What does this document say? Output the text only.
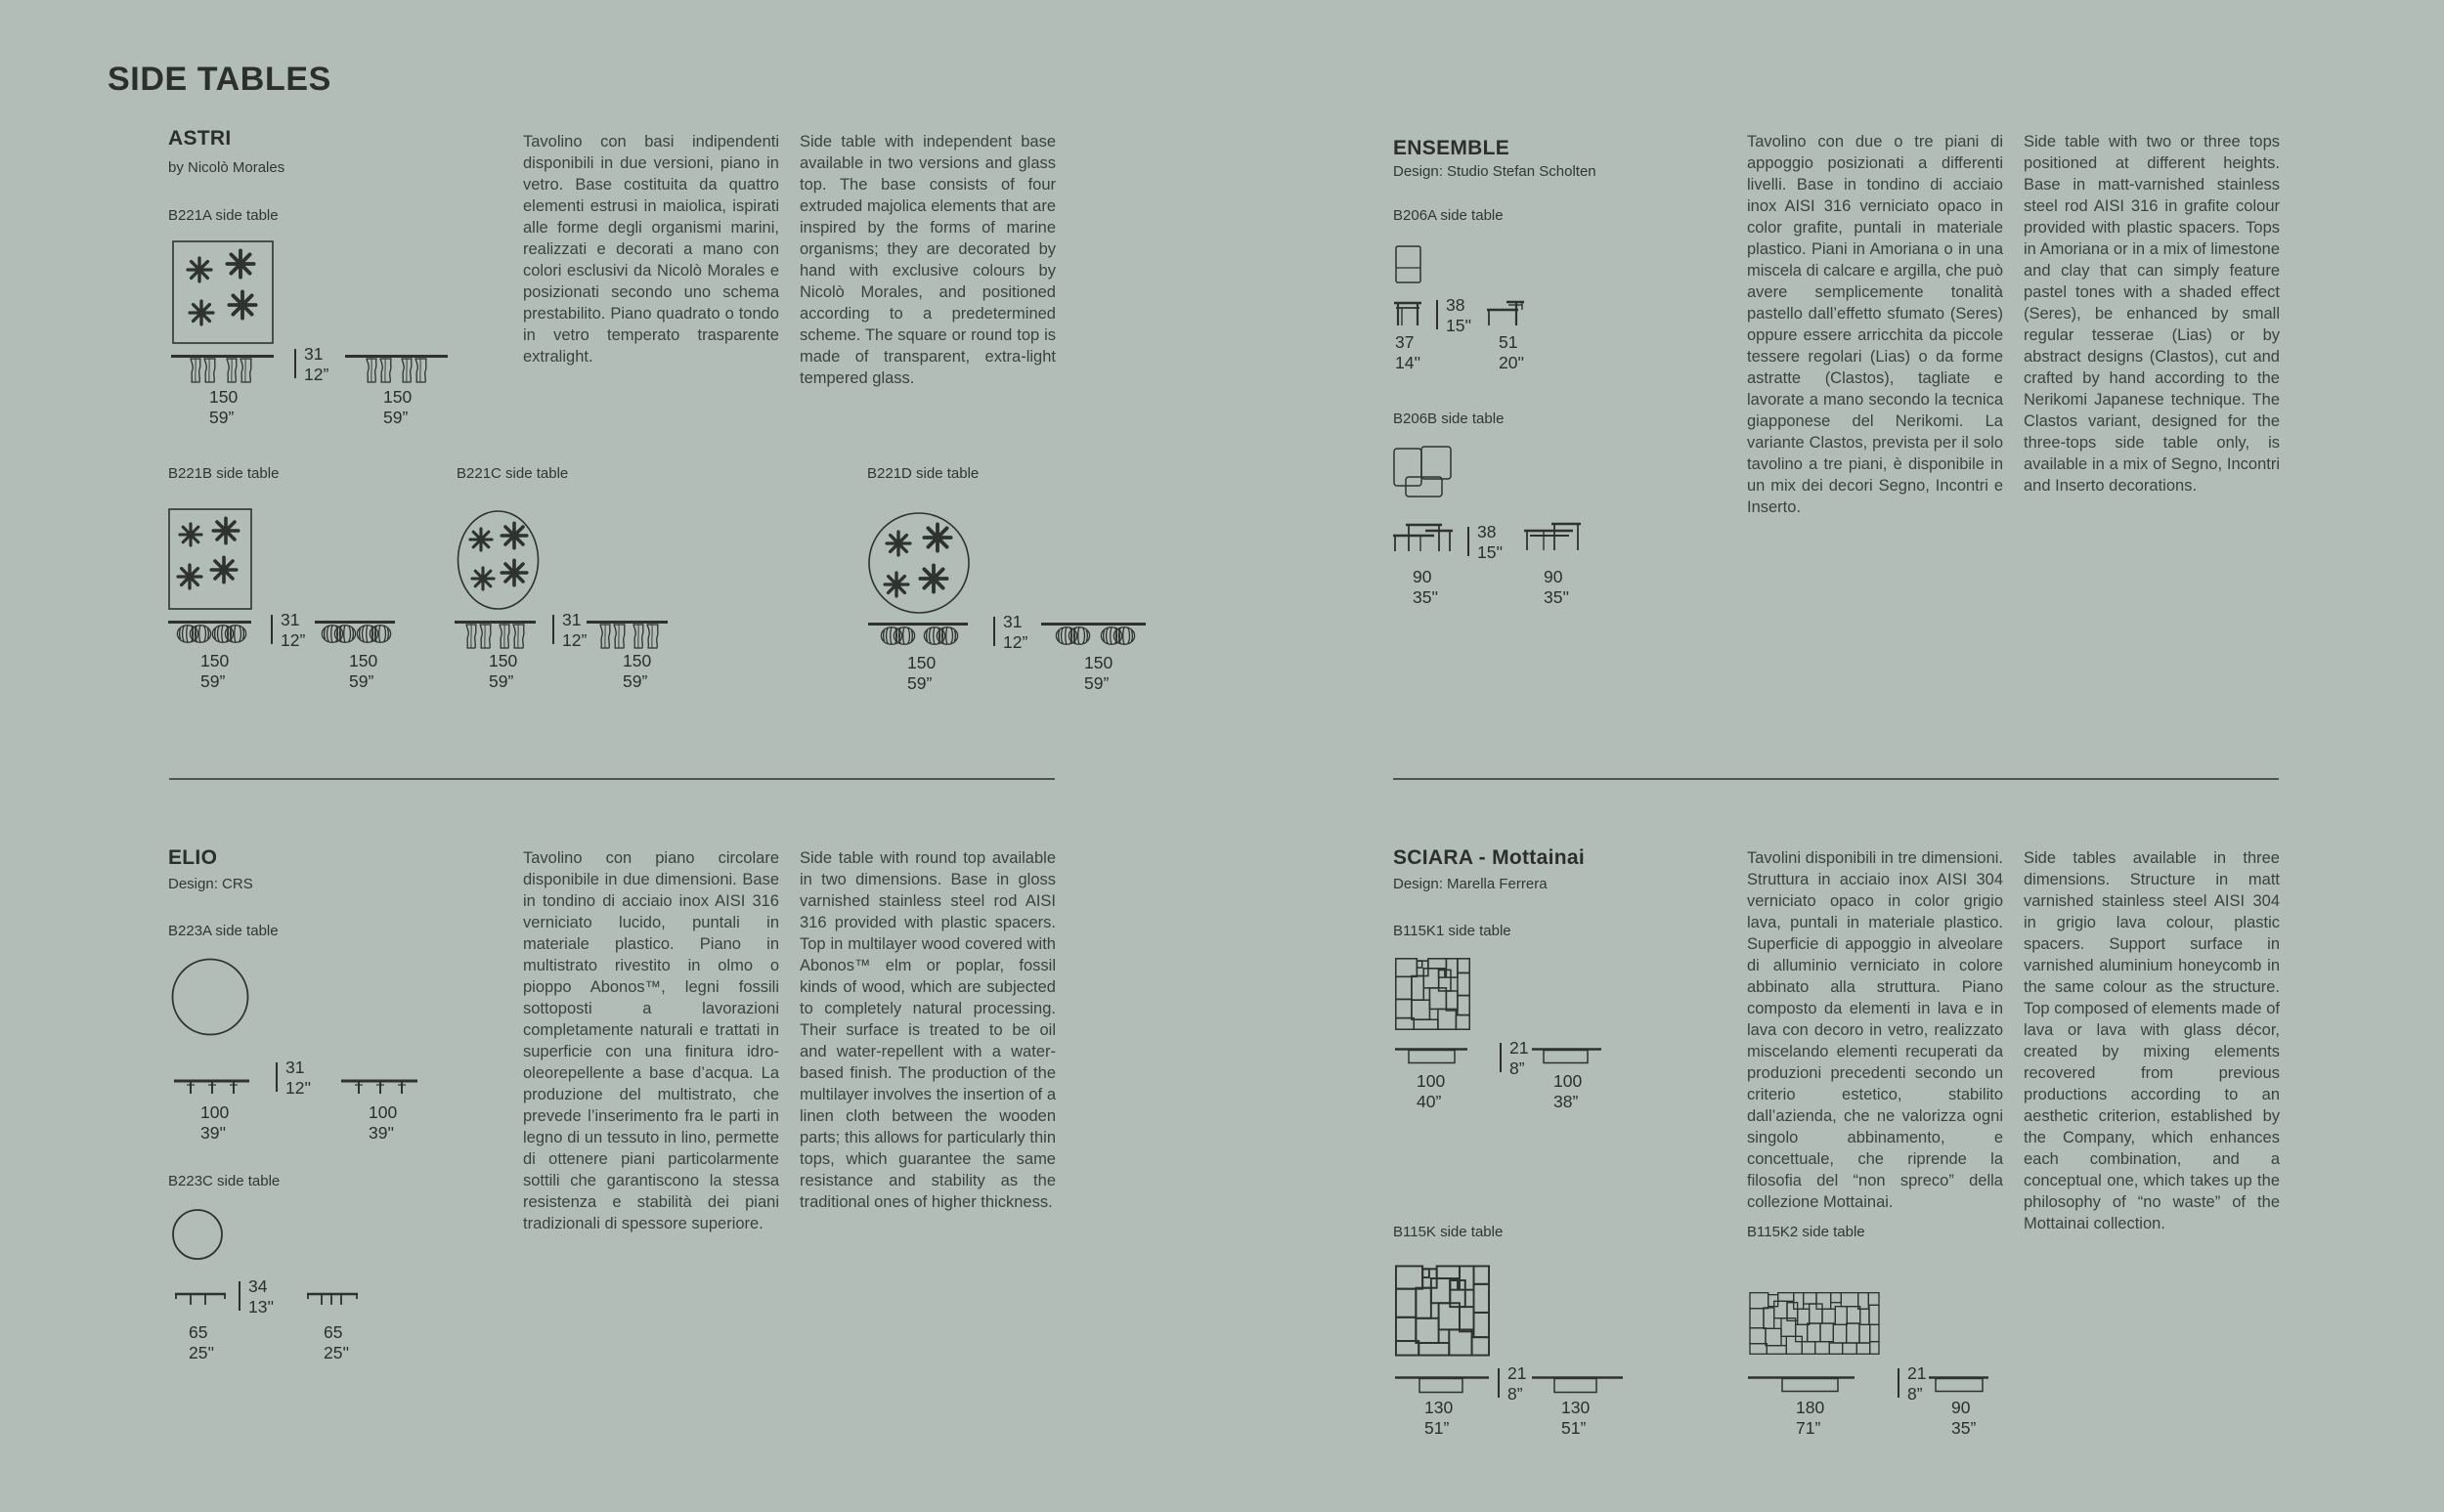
SIDE TABLES
ASTRI
by Nicolò Morales
Tavolino con basi indipendenti disponibili in due versioni, piano in vetro. Base costituita da quattro elementi estrusi in maiolica, ispirati alle forme degli organismi marini, realizzati e decorati a mano con colori esclusivi da Nicolò Morales e posizionati secondo uno schema prestabilito. Piano quadrato o tondo in vetro temperato trasparente extralight.
Side table with independent base available in two versions and glass top. The base consists of four extruded majolica elements that are inspired by the forms of marine organisms; they are decorated by hand with exclusive colours by Nicolò Morales, and positioned according to a predetermined scheme. The square or round top is made of transparent, extra-light tempered glass.
B221A side table
31
12”
150
59”
150
59”
B221B side table
31
12”
150
59”
150
59”
B221C side table
31
12”
150
59”
150
59”
B221D side table
31
12”
150
59”
150
59”
ELIO
Design: CRS
Tavolino con piano circolare disponibile in due dimensioni. Base in tondino di acciaio inox AISI 316 verniciato lucido, puntali in materiale plastico. Piano in multistrato rivestito in olmo o pioppo Abonos™, legni fossili sottoposti a lavorazioni completamente naturali e trattati in superficie con una finitura idro-oleorepellente a base d’acqua. La produzione del multistrato, che prevede l’inserimento fra le parti in legno di un tessuto in lino, permette di ottenere piani particolarmente sottili che garantiscono la stessa resistenza e stabilità dei piani tradizionali di spessore superiore.
Side table with round top available in two dimensions. Base in gloss varnished stainless steel rod AISI 316 provided with plastic spacers. Top in multilayer wood covered with Abonos™ elm or poplar, fossil kinds of wood, which are subjected to completely natural processing. Their surface is treated to be oil and water-repellent with a water-based finish. The production of the multilayer involves the insertion of a linen cloth between the wooden parts; this allows for particularly thin tops, which guarantee the same resistance and stability as the traditional ones of higher thickness.
B223A side table
31
12''
100
39''
100
39''
B223C side table
34
13''
65
25''
65
25''
ENSEMBLE
Design: Studio Stefan Scholten
Tavolino con due o tre piani di appoggio posizionati a differenti livelli. Base in tondino di acciaio inox AISI 316 verniciato opaco in color grafite, puntali in materiale plastico. Piani in Amoriana o in una miscela di calcare e argilla, che può avere semplicemente tonalità pastello dall’effetto sfumato (Seres) oppure essere arricchita da piccole tessere regolari (Lias) o da forme astratte (Clastos), tagliate e lavorate a mano secondo la tecnica giapponese del Nerikomi. La variante Clastos, prevista per il solo tavolino a tre piani, è disponibile in un mix dei decori Segno, Incontri e Inserto.
Side table with two or three tops positioned at different heights. Base in matt-varnished stainless steel rod AISI 316 in grafite colour provided with plastic spacers. Tops in Amoriana or in a mix of limestone and clay that can simply feature pastel tones with a shaded effect (Seres), be enhanced by small regular tesserae (Lias) or by abstract designs (Clastos), cut and crafted by hand according to the Nerikomi Japanese technique. The Clastos variant, designed for the three-tops side table only, is available in a mix of Segno, Incontri and Inserto decorations.
B206A side table
38
15''
37
14''
51
20''
B206B side table
38
15''
90
35''
90
35''
SCIARA - Mottainai
Design: Marella Ferrera
Tavolini disponibili in tre dimensioni. Struttura in acciaio inox AISI 304 verniciato opaco in color grigio lava, puntali in materiale plastico. Superficie di appoggio in alveolare di alluminio verniciato in colore abbinato alla struttura. Piano composto da elementi in lava e in lava con decoro in vetro, realizzato miscelando elementi recuperati da produzioni precedenti secondo un criterio estetico, stabilito dall’azienda, che ne valorizza ogni singolo abbinamento, e concettuale, che riprende la filosofia del “non spreco” della collezione Mottainai.
Side tables available in three dimensions. Structure in matt varnished stainless steel AISI 304 in grigio lava colour, plastic spacers. Support surface in varnished aluminium honeycomb in the same colour as the structure. Top composed of elements made of lava or lava with glass décor, created by mixing elements recovered from previous productions according to an aesthetic criterion, established by the Company, which enhances each combination, and a conceptual one, which takes up the philosophy of “no waste” of the Mottainai collection.
B115K1 side table
21
8”
100
40”
100
38”
B115K side table
21
8”
130
51”
130
51”
B115K2 side table
21
8”
180
71”
90
35”
